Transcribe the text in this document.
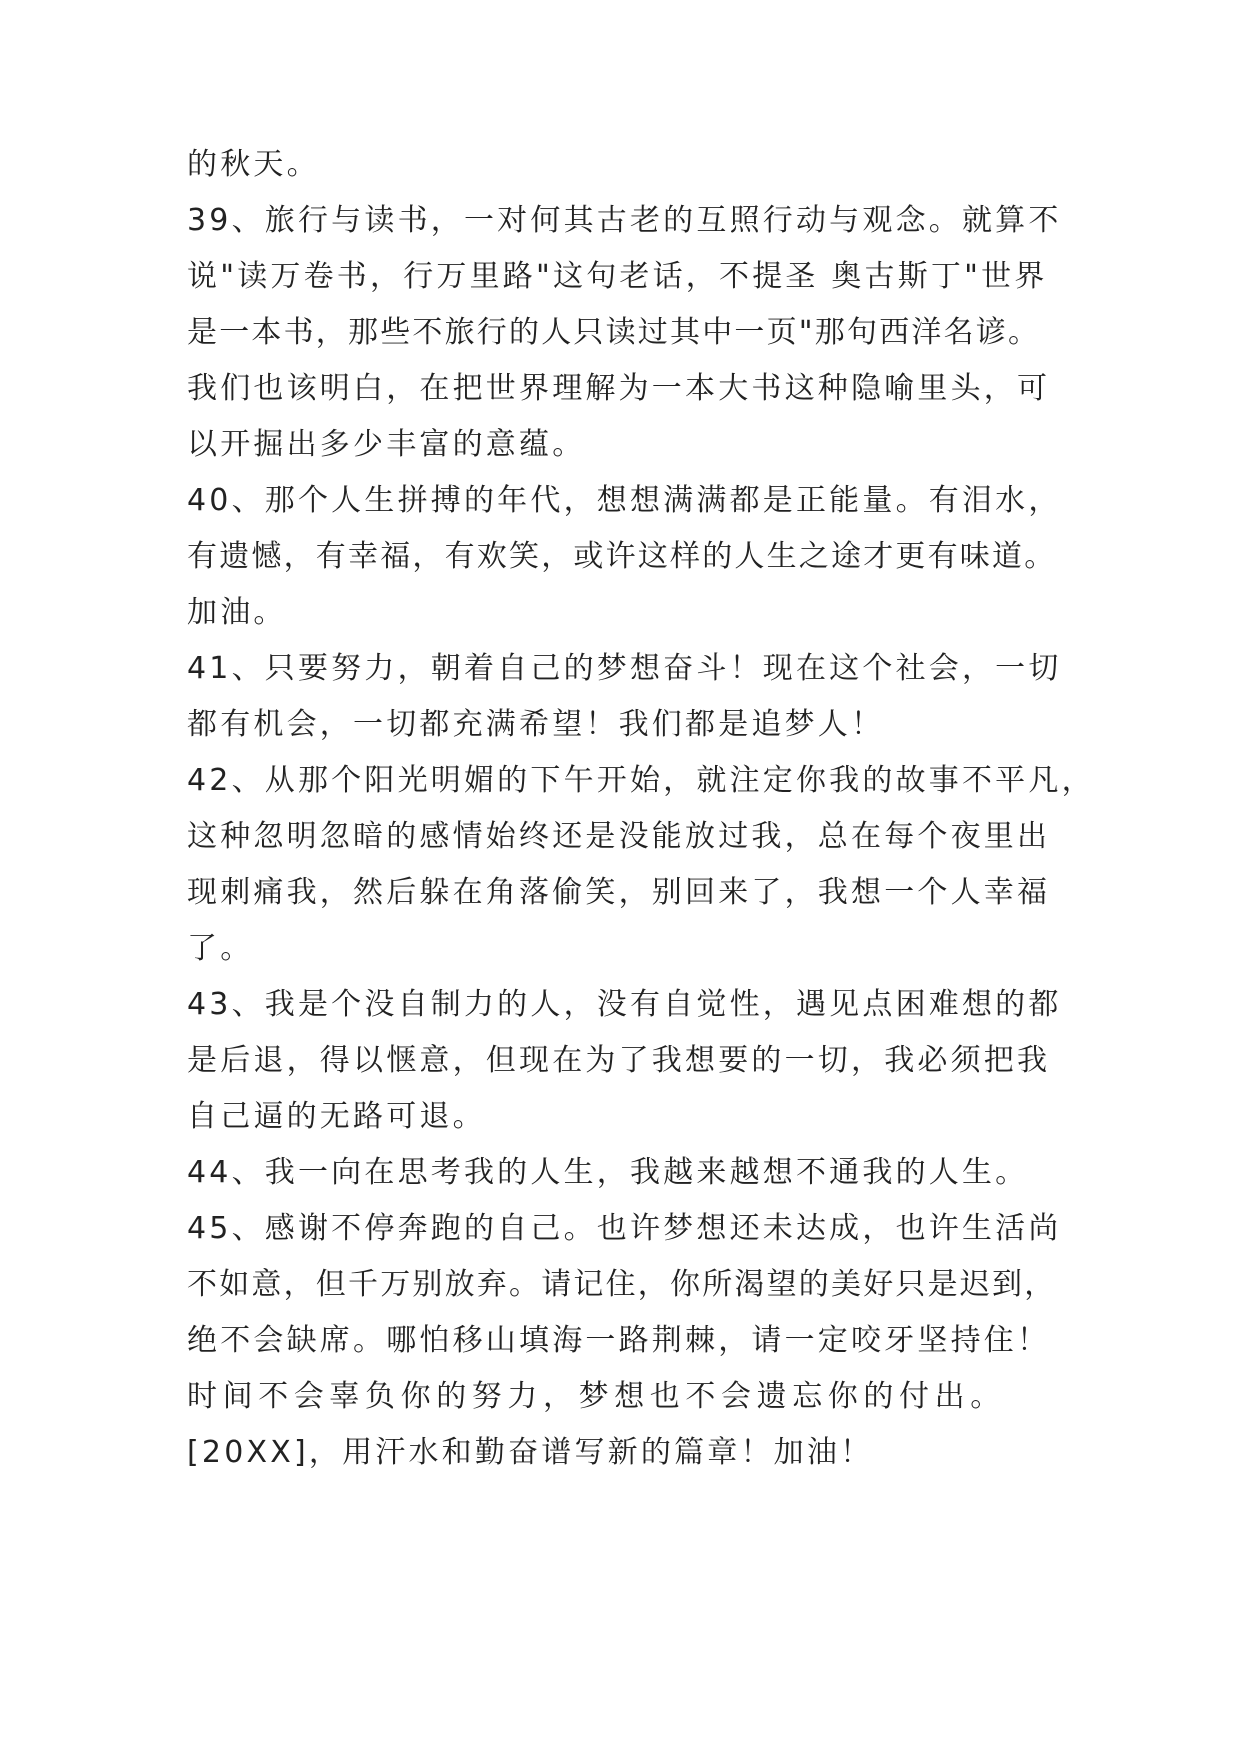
的秋天。
39、旅行与读书，一对何其古老的互照行动与观念。就算不
说"读万卷书，行万里路"这句老话，不提圣 奥古斯丁"世界
是一本书，那些不旅行的人只读过其中一页"那句西洋名谚。
我们也该明白，在把世界理解为一本大书这种隐喻里头，可
以开掘出多少丰富的意蕴。
40、那个人生拼搏的年代，想想满满都是正能量。有泪水，
有遗憾，有幸福，有欢笑，或许这样的人生之途才更有味道。
加油。
41、只要努力，朝着自己的梦想奋斗！现在这个社会，一切
都有机会，一切都充满希望！我们都是追梦人！
42、从那个阳光明媚的下午开始，就注定你我的故事不平凡，
这种忽明忽暗的感情始终还是没能放过我，总在每个夜里出
现刺痛我，然后躲在角落偷笑，别回来了，我想一个人幸福
了。
43、我是个没自制力的人，没有自觉性，遇见点困难想的都
是后退，得以惬意，但现在为了我想要的一切，我必须把我
自己逼的无路可退。
44、我一向在思考我的人生，我越来越想不通我的人生。
45、感谢不停奔跑的自己。也许梦想还未达成，也许生活尚
不如意，但千万别放弃。请记住，你所渴望的美好只是迟到，
绝不会缺席。哪怕移山填海一路荆棘，请一定咬牙坚持住！
时间不会辜负你的努力，梦想也不会遗忘你的付出。
[20XX]，用汗水和勤奋谱写新的篇章！加油！
